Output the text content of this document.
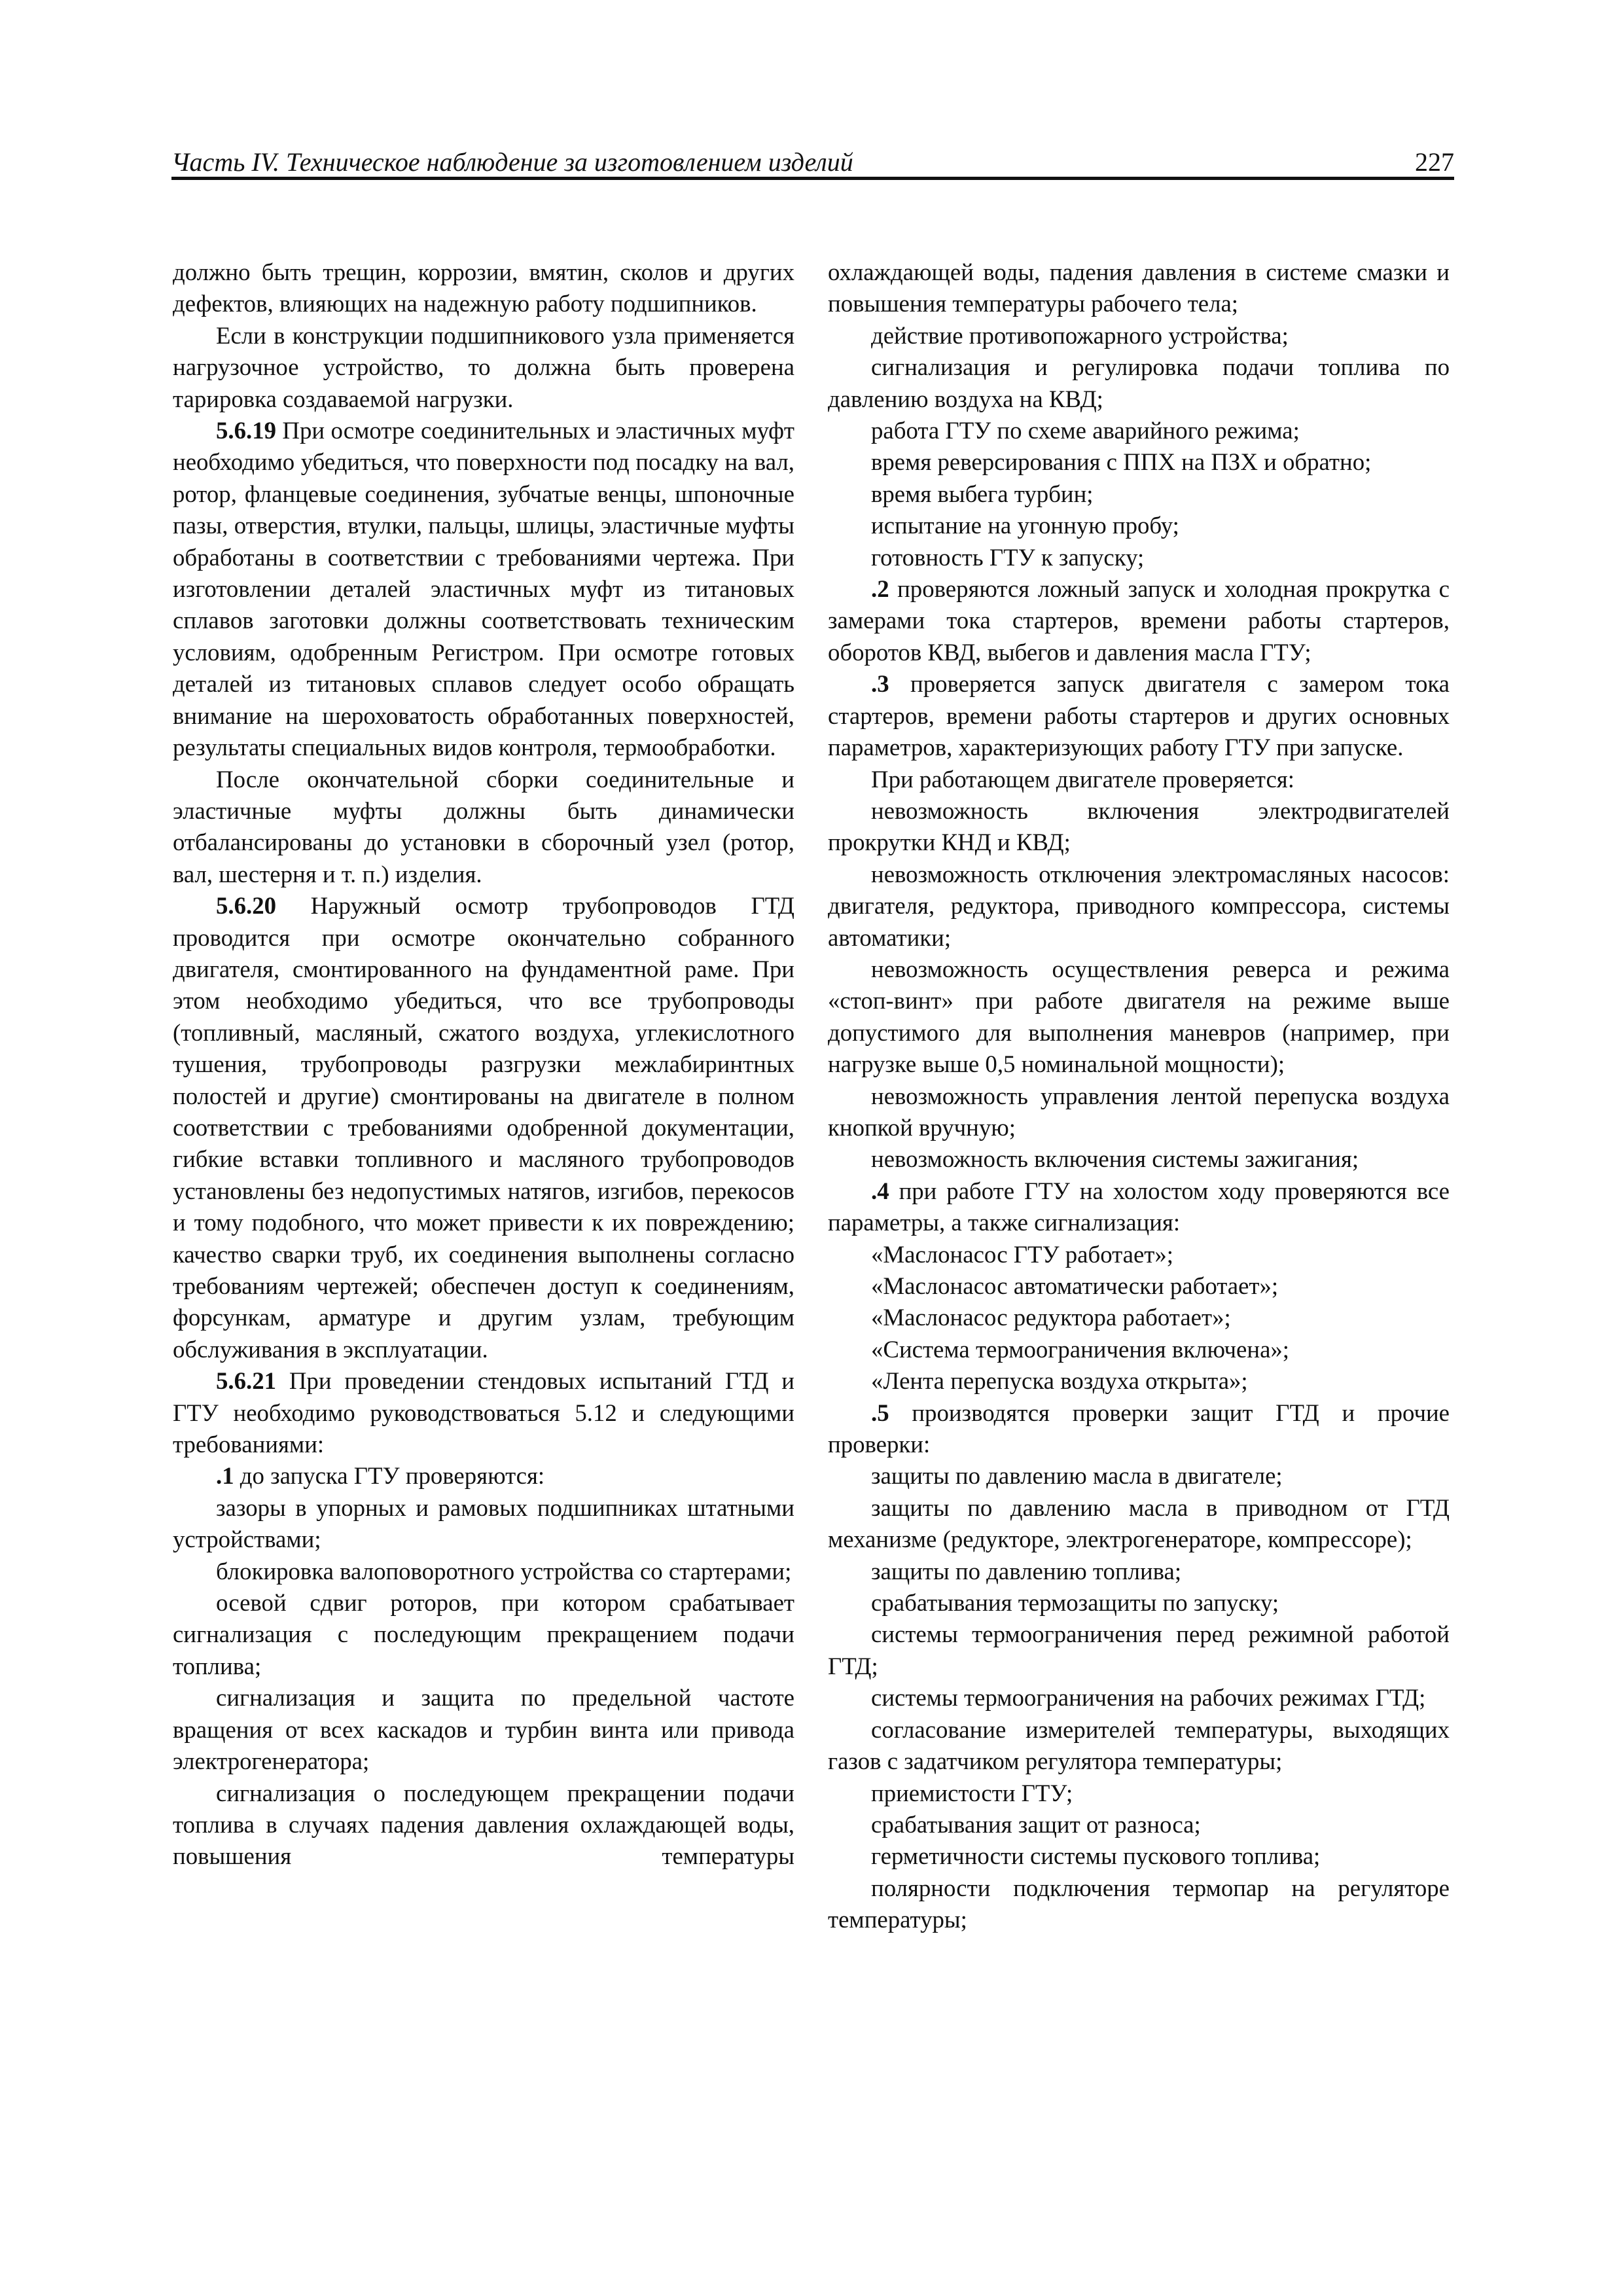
Часть IV. Техническое наблюдение за изготовлением изделий	227

должно быть трещин, коррозии, вмятин, сколов и других дефектов, влияющих на надежную работу подшипников.

Если в конструкции подшипникового узла применяется нагрузочное устройство, то должна быть проверена тарировка создаваемой нагрузки.

5.6.19 При осмотре соединительных и эластичных муфт необходимо убедиться, что поверхности под посадку на вал, ротор, фланцевые соединения, зубчатые венцы, шпоночные пазы, отверстия, втулки, пальцы, шлицы, эластичные муфты обработаны в соответствии с требованиями чертежа. При изготовлении деталей эластичных муфт из титановых сплавов заготовки должны соответствовать техническим условиям, одобренным Регистром. При осмотре готовых деталей из титановых сплавов следует особо обращать внимание на шероховатость обработанных поверхностей, результаты специальных видов контроля, термообработки.

После окончательной сборки соединительные и эластичные муфты должны быть динамически отбалансированы до установки в сборочный узел (ротор, вал, шестерня и т. п.) изделия.

5.6.20 Наружный осмотр трубопроводов ГТД проводится при осмотре окончательно собранного двигателя, смонтированного на фундаментной раме. При этом необходимо убедиться, что все трубопроводы (топливный, масляный, сжатого воздуха, углекислотного тушения, трубопроводы разгрузки межлабиринтных полостей и другие) смонтированы на двигателе в полном соответствии с требованиями одобренной документации, гибкие вставки топливного и масляного трубопроводов установлены без недопустимых натягов, изгибов, перекосов и тому подобного, что может привести к их повреждению; качество сварки труб, их соединения выполнены согласно требованиям чертежей; обеспечен доступ к соединениям, форсункам, арматуре и другим узлам, требующим обслуживания в эксплуатации.

5.6.21 При проведении стендовых испытаний ГТД и ГТУ необходимо руководствоваться 5.12 и следующими требованиями:

.1 до запуска ГТУ проверяются:

зазоры в упорных и рамовых подшипниках штатными устройствами;

блокировка валоповоротного устройства со стартерами;

осевой сдвиг роторов, при котором срабатывает сигнализация с последующим прекращением подачи топлива;

сигнализация и защита по предельной частоте вращения от всех каскадов и турбин винта или привода электрогенератора;

сигнализация о последующем прекращении подачи топлива в случаях падения давления охлаждающей воды, повышения температуры

охлаждающей воды, падения давления в системе смазки и повышения температуры рабочего тела;

действие противопожарного устройства;

сигнализация и регулировка подачи топлива по давлению воздуха на КВД;

работа ГТУ по схеме аварийного режима;

время реверсирования с ППХ на ПЗХ и обратно;

время выбега турбин;

испытание на угонную пробу;

готовность ГТУ к запуску;

.2 проверяются ложный запуск и холодная прокрутка с замерами тока стартеров, времени работы стартеров, оборотов КВД, выбегов и давления масла ГТУ;

.3 проверяется запуск двигателя с замером тока стартеров, времени работы стартеров и других основных параметров, характеризующих работу ГТУ при запуске.

При работающем двигателе проверяется:

невозможность включения электродвигателей прокрутки КНД и КВД;

невозможность отключения электромасляных насосов: двигателя, редуктора, приводного компрессора, системы автоматики;

невозможность осуществления реверса и режима «стоп-винт» при работе двигателя на режиме выше допустимого для выполнения маневров (например, при нагрузке выше 0,5 номинальной мощности);

невозможность управления лентой перепуска воздуха кнопкой вручную;

невозможность включения системы зажигания;

.4 при работе ГТУ на холостом ходу проверяются все параметры, а также сигнализация:

«Маслонасос ГТУ работает»;

«Маслонасос автоматически работает»;

«Маслонасос редуктора работает»;

«Система термоограничения включена»;

«Лента перепуска воздуха открыта»;

.5 производятся проверки защит ГТД и прочие проверки:

защиты по давлению масла в двигателе;

защиты по давлению масла в приводном от ГТД механизме (редукторе, электрогенераторе, компрессоре);

защиты по давлению топлива;

срабатывания термозащиты по запуску;

системы термоограничения перед режимной работой ГТД;

системы термоограничения на рабочих режимах ГТД;

согласование измерителей температуры, выходящих газов с задатчиком регулятора температуры;

приемистости ГТУ;

срабатывания защит от разноса;

герметичности системы пускового топлива;

полярности подключения термопар на регуляторе температуры;
